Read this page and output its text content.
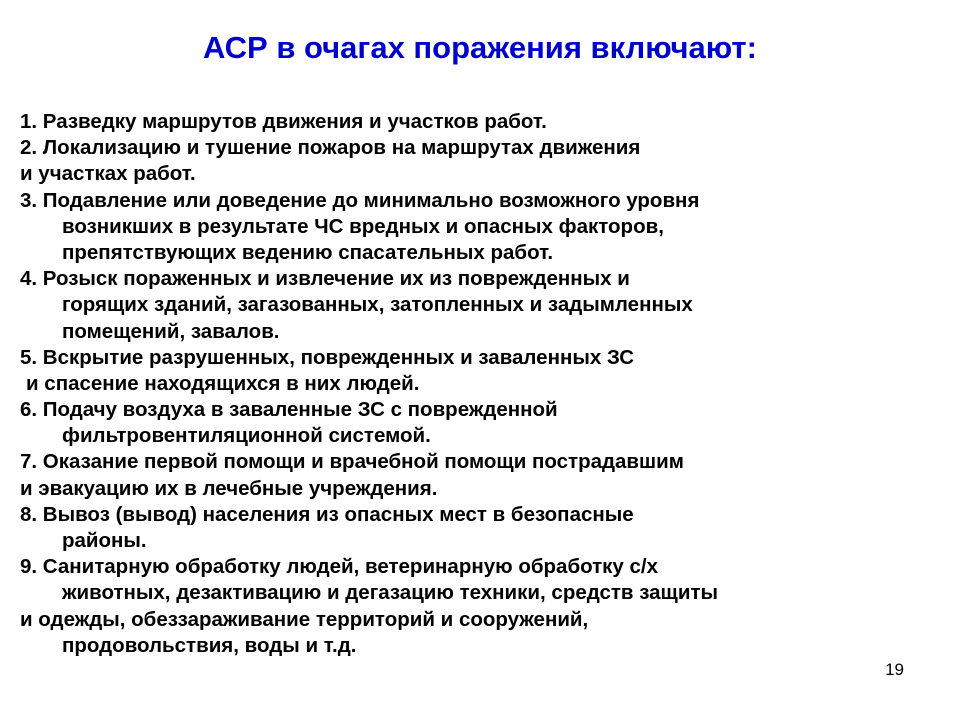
АСР в очагах поражения включают:
1. Разведку маршрутов движения и участков работ.
2. Локализацию и тушение пожаров на маршрутах движения
и участках работ.
3. Подавление или доведение до минимально возможного уровня
возникших в результате ЧС вредных и опасных факторов,
препятствующих ведению спасательных работ.
4. Розыск пораженных и извлечение их из поврежденных и
горящих зданий, загазованных, затопленных и задымленных
помещений, завалов.
5. Вскрытие разрушенных, поврежденных и заваленных ЗС
и спасение находящихся в них людей.
6. Подачу воздуха в заваленные ЗС с поврежденной
фильтровентиляционной системой.
7. Оказание первой помощи и врачебной помощи пострадавшим
и эвакуацию их в лечебные учреждения.
8. Вывоз (вывод) населения из опасных мест в безопасные
районы.
9. Санитарную обработку людей, ветеринарную обработку с/х
животных, дезактивацию и дегазацию техники, средств защиты
и одежды, обеззараживание территорий и сооружений,
продовольствия, воды и т.д.
19
